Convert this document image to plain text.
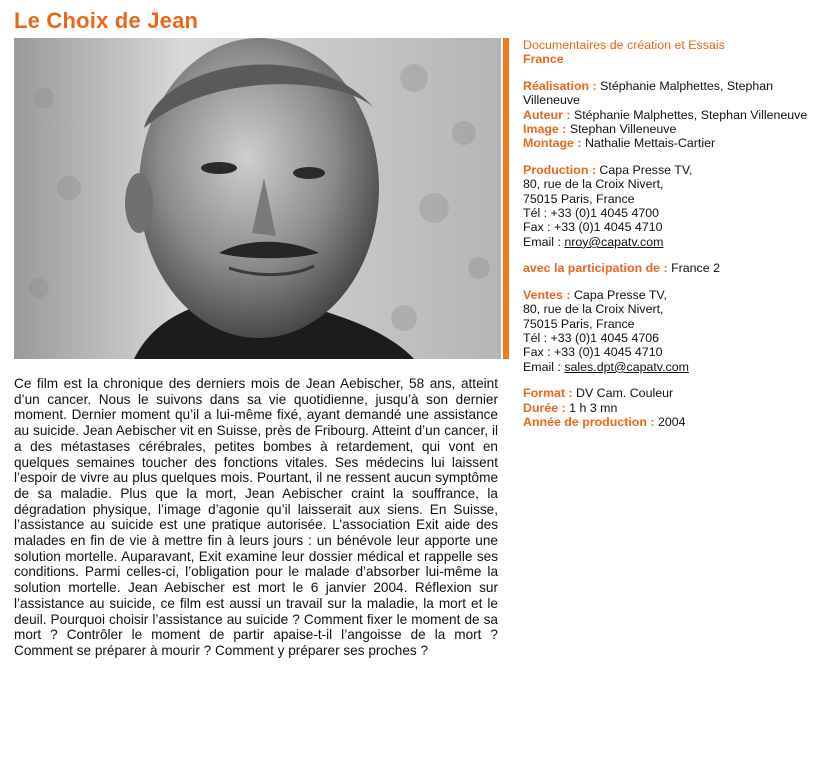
Le Choix de Jean

Documentaires de création et Essais

France

Réalisation : Stéphanie Malphettes, Stephan Villeneuve

Auteur : Stéphanie Malphettes, Stephan Villeneuve

Image : Stephan Villeneuve

Montage : Nathalie Mettais-Cartier

Production : Capa Presse TV,

80, rue de la Croix Nivert,

75015 Paris, France

Tél : +33 (0)1 4045 4700

Fax : +33 (0)1 4045 4710

Email : nroy@capatv.com

avec la participation de : France 2

Ventes : Capa Presse TV,

80, rue de la Croix Nivert,

75015 Paris, France

Tél : +33 (0)1 4045 4706

Fax : +33 (0)1 4045 4710

Email : sales.dpt@capatv.com

Format : DV Cam. Couleur

Durée : 1 h 3 mn

Année de production : 2004

Ce film est la chronique des derniers mois de Jean Aebischer, 58 ans, atteint d’un cancer. Nous le suivons dans sa vie quotidienne, jusqu’à son dernier moment. Dernier moment qu’il a lui-même fixé, ayant demandé une assistance au suicide. Jean Aebischer vit en Suisse, près de Fribourg. Atteint d’un cancer, il a des métastases cérébrales, petites bombes à retardement, qui vont en quelques semaines toucher des fonctions vitales. Ses médecins lui laissent l’espoir de vivre au plus quelques mois. Pourtant, il ne ressent aucun symptôme de sa maladie. Plus que la mort, Jean Aebischer craint la souffrance, la dégradation physique, l’image d’agonie qu’il laisserait aux siens. En Suisse, l’assistance au suicide est une pratique autorisée. L’association Exit aide des malades en fin de vie à mettre fin à leurs jours : un bénévole leur apporte une solution mortelle. Auparavant, Exit examine leur dossier médical et rappelle ses conditions. Parmi celles-ci, l’obligation pour le malade d’absorber lui-même la solution mortelle. Jean Aebischer est mort le 6 janvier 2004. Réflexion sur l’assistance au suicide, ce film est aussi un travail sur la maladie, la mort et le deuil. Pourquoi choisir l’assistance au suicide ? Comment fixer le moment de sa mort ? Contrôler le moment de partir apaise-t-il l’angoisse de la mort ? Comment se préparer à mourir ? Comment y préparer ses proches ?
